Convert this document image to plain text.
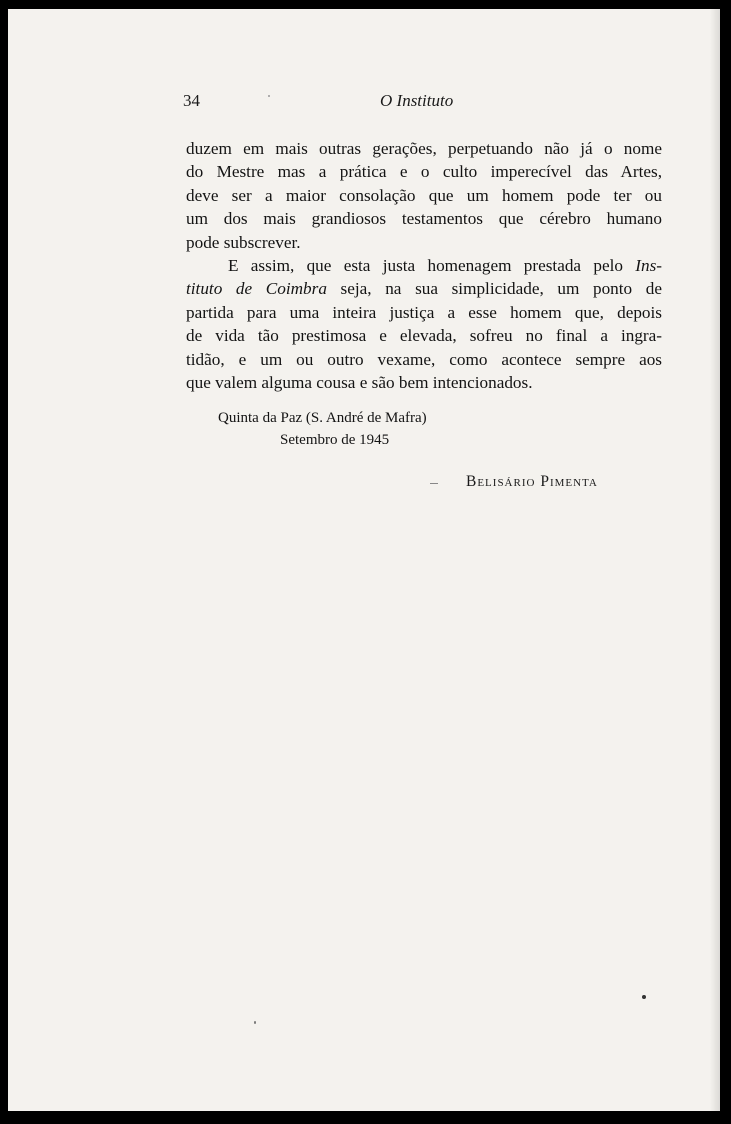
34	O Instituto
duzem em mais outras gerações, perpetuando não já o nome
do Mestre mas a prática e o culto imperecível das Artes,
deve ser a maior consolação que um homem pode ter ou
um dos mais grandiosos testamentos que cérebro humano
pode subscrever.
E assim, que esta justa homenagem prestada pelo Ins-
tituto de Coimbra seja, na sua simplicidade, um ponto de
partida para uma inteira justiça a esse homem que, depois
de vida tão prestimosa e elevada, sofreu no final a ingra-
tidão, e um ou outro vexame, como acontece sempre aos
que valem alguma cousa e são bem intencionados.
Quinta da Paz (S. André de Mafra)
Setembro de 1945
Belisário Pimenta
